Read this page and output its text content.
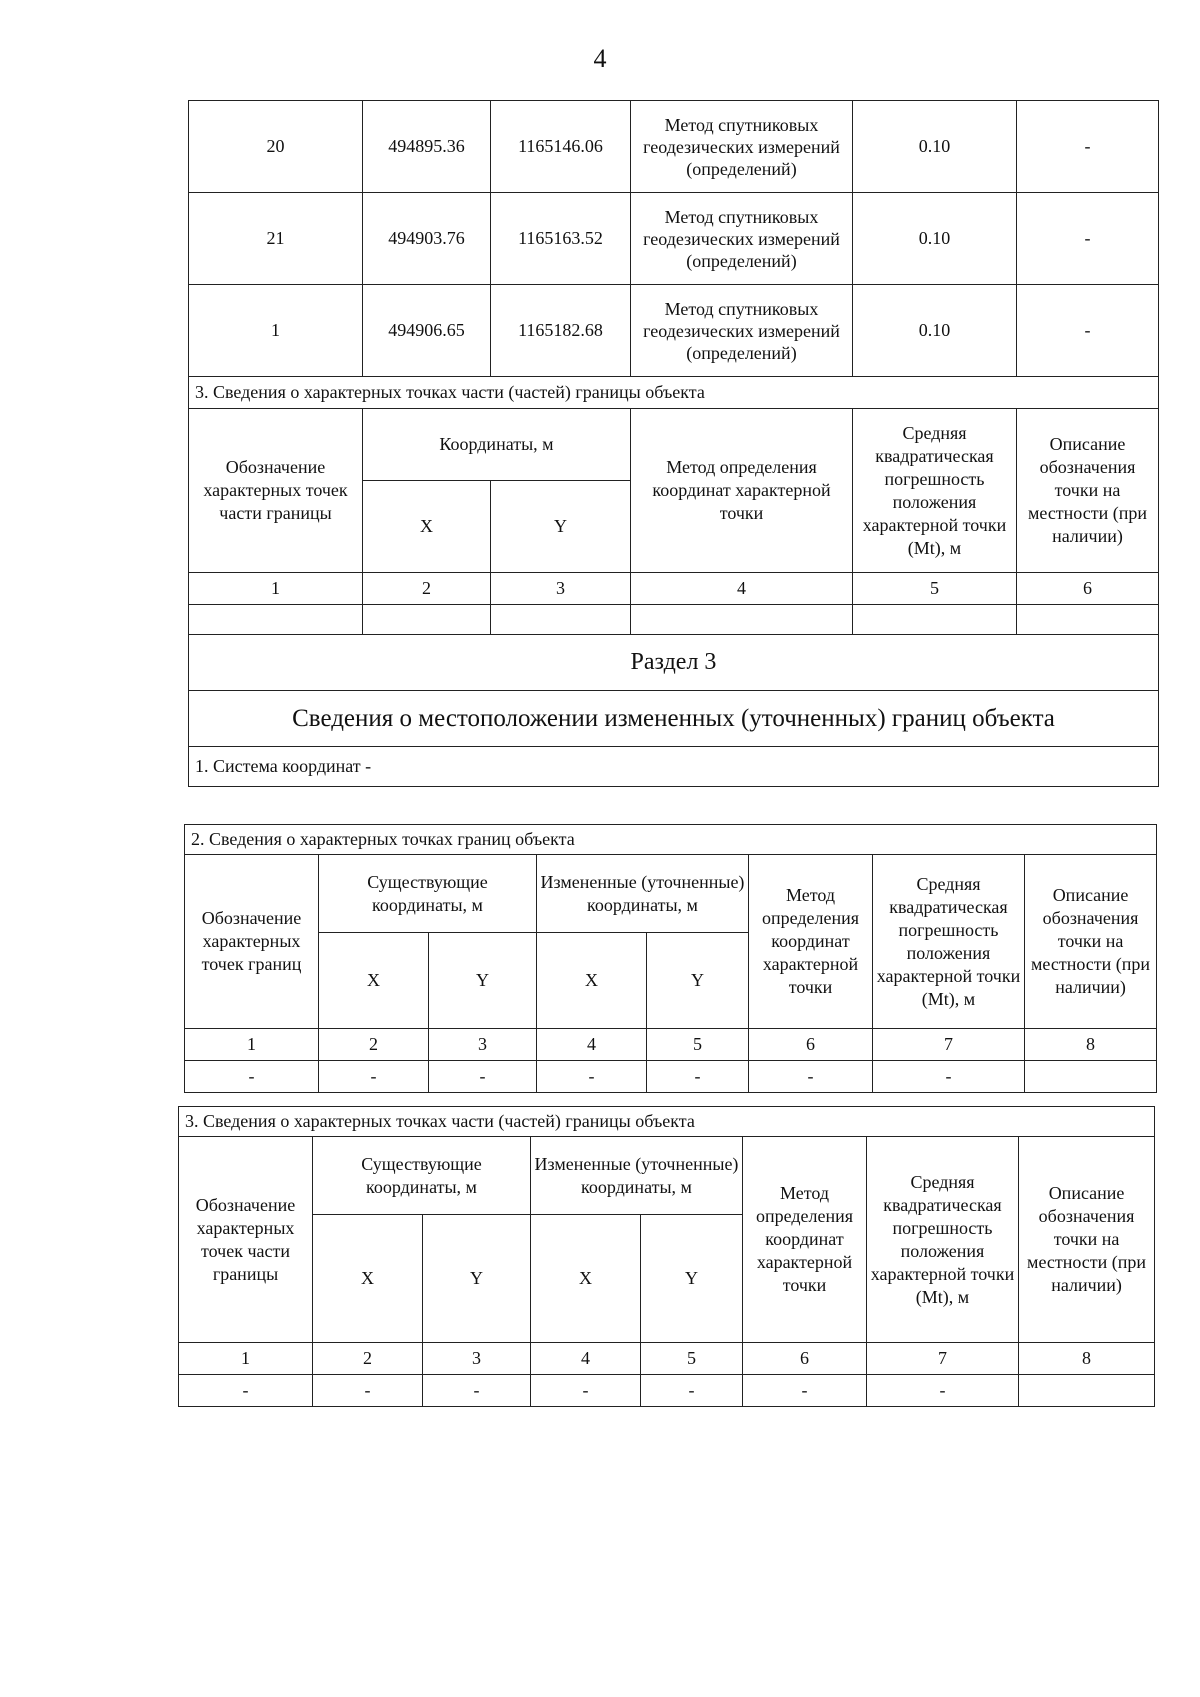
4
20	494895.36	1165146.06	Метод спутниковых геодезических измерений (определений)	0.10	-
21	494903.76	1165163.52	Метод спутниковых геодезических измерений (определений)	0.10	-
1	494906.65	1165182.68	Метод спутниковых геодезических измерений (определений)	0.10	-
3. Сведения о характерных точках части (частей) границы объекта					
Обозначение характерных точек части границы	Координаты, м		Метод определения координат характерной точки	Средняя квадратическая погрешность положения характерной точки (Mt), м	Описание обозначения точки на местности (при наличии)
	X	Y			
1	2	3	4	5	6

Раздел 3					
Сведения о местоположении измененных (уточненных) границ объекта					
1. Система координат -					
2. Сведения о характерных точках границ объекта							
Обозначение характерных точек границ	Существующие координаты, м		Измененные (уточненные) координаты, м		Метод определения координат характерной точки	Средняя квадратическая погрешность положения характерной точки (Mt), м	Описание обозначения точки на местности (при наличии)
	X	Y	X	Y			
1	2	3	4	5	6	7	8
-	-	-	-	-	-	-	
3. Сведения о характерных точках части (частей) границы объекта							
Обозначение характерных точек части границы	Существующие координаты, м		Измененные (уточненные) координаты, м		Метод определения координат характерной точки	Средняя квадратическая погрешность положения характерной точки (Mt), м	Описание обозначения точки на местности (при наличии)
	X	Y	X	Y			
1	2	3	4	5	6	7	8
-	-	-	-	-	-	-	
